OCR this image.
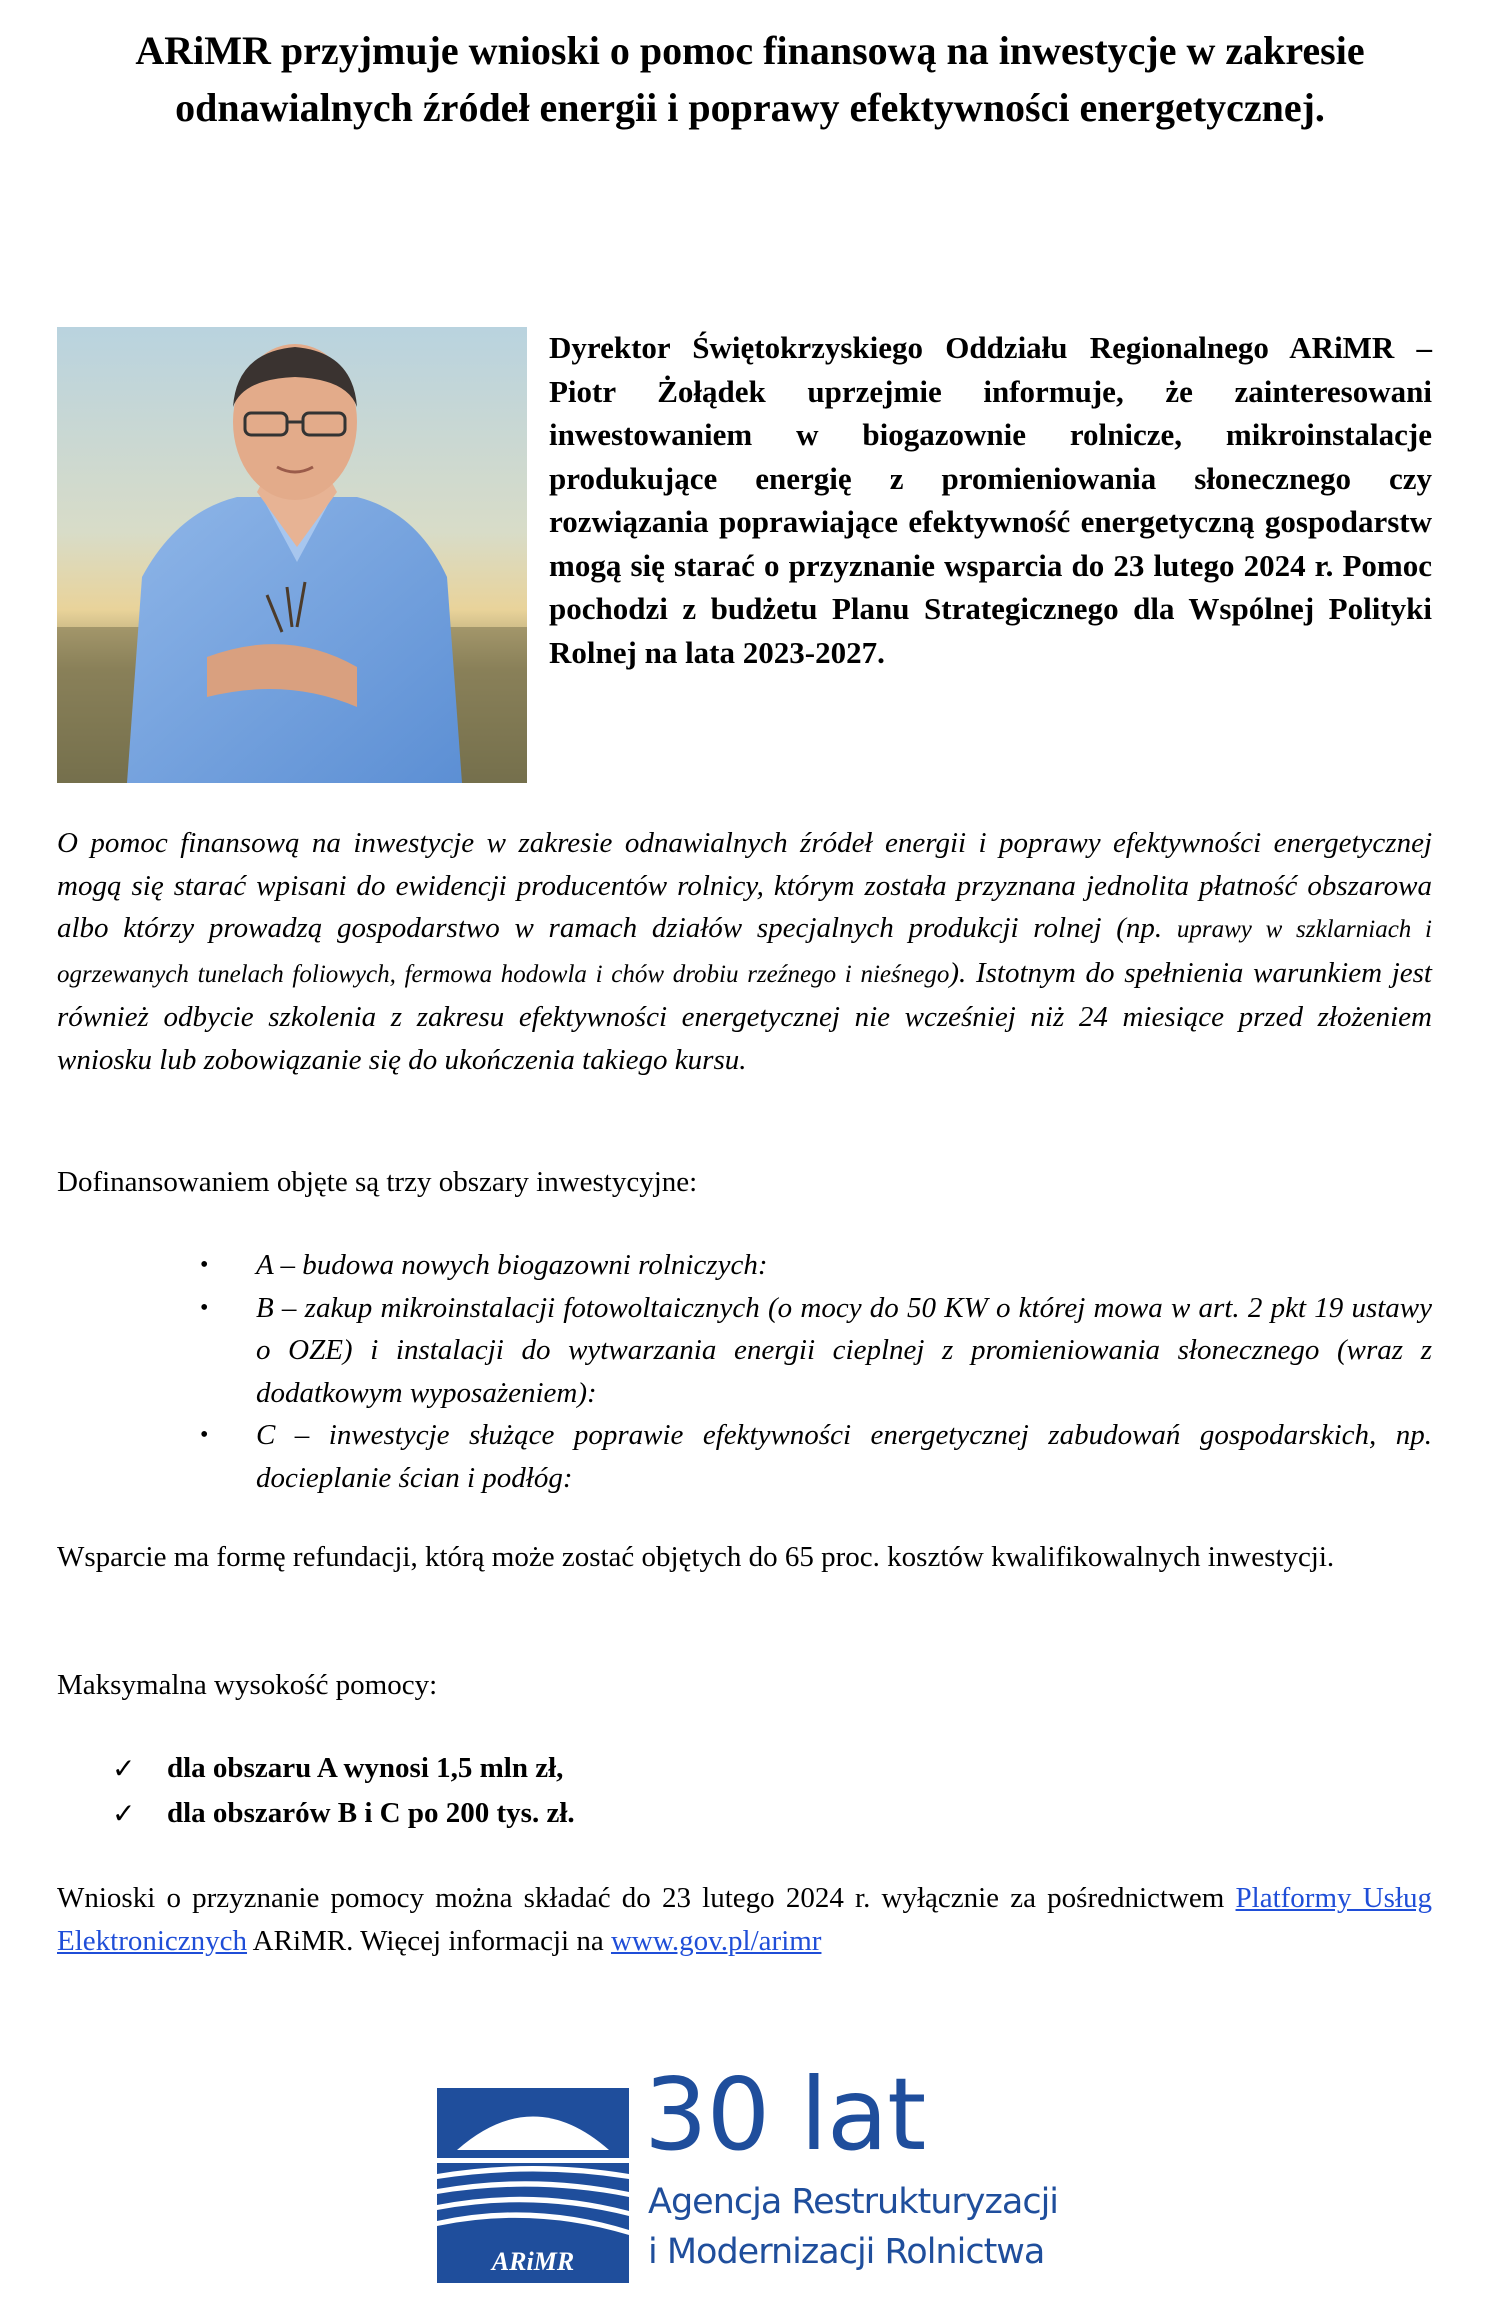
ARiMR przyjmuje wnioski o pomoc finansową na inwestycje w zakresie odnawialnych źródeł energii i poprawy efektywności energetycznej.

Dyrektor Świętokrzyskiego Oddziału Regionalnego ARiMR – Piotr Żołądek uprzejmie informuje, że zainteresowani inwestowaniem w biogazownie rolnicze, mikroinstalacje produkujące energię z promieniowania słonecznego czy rozwiązania poprawiające efektywność energetyczną gospodarstw mogą się starać o przyznanie wsparcia do 23 lutego 2024 r. Pomoc pochodzi z budżetu Planu Strategicznego dla Wspólnej Polityki Rolnej na lata 2023-2027.

O pomoc finansową na inwestycje w zakresie odnawialnych źródeł energii i poprawy efektywności energetycznej mogą się starać wpisani do ewidencji producentów rolnicy, którym została przyznana jednolita płatność obszarowa albo którzy prowadzą gospodarstwo w ramach działów specjalnych produkcji rolnej (np. uprawy w szklarniach i ogrzewanych tunelach foliowych, fermowa hodowla i chów drobiu rzeźnego i nieśnego). Istotnym do spełnienia warunkiem jest również odbycie szkolenia z zakresu efektywności energetycznej nie wcześniej niż 24 miesiące przed złożeniem wniosku lub zobowiązanie się do ukończenia takiego kursu.

Dofinansowaniem objęte są trzy obszary inwestycyjne:

• A – budowa nowych biogazowni rolniczych:
• B – zakup mikroinstalacji fotowoltaicznych (o mocy do 50 KW o której mowa w art. 2 pkt 19 ustawy o OZE) i instalacji do wytwarzania energii cieplnej z promieniowania słonecznego (wraz z dodatkowym wyposażeniem):
• C – inwestycje służące poprawie efektywności energetycznej zabudowań gospodarskich, np. docieplanie ścian i podłóg:

Wsparcie ma formę refundacji, którą może zostać objętych do 65 proc. kosztów kwalifikowalnych inwestycji.

Maksymalna wysokość pomocy:

✓ dla obszaru A wynosi 1,5 mln zł,
✓ dla obszarów B i C po 200 tys. zł.

Wnioski o przyznanie pomocy można składać do 23 lutego 2024 r. wyłącznie za pośrednictwem Platformy Usług Elektronicznych ARiMR. Więcej informacji na www.gov.pl/arimr

ARiMR
30 lat
Agencja Restrukturyzacji
i Modernizacji Rolnictwa
